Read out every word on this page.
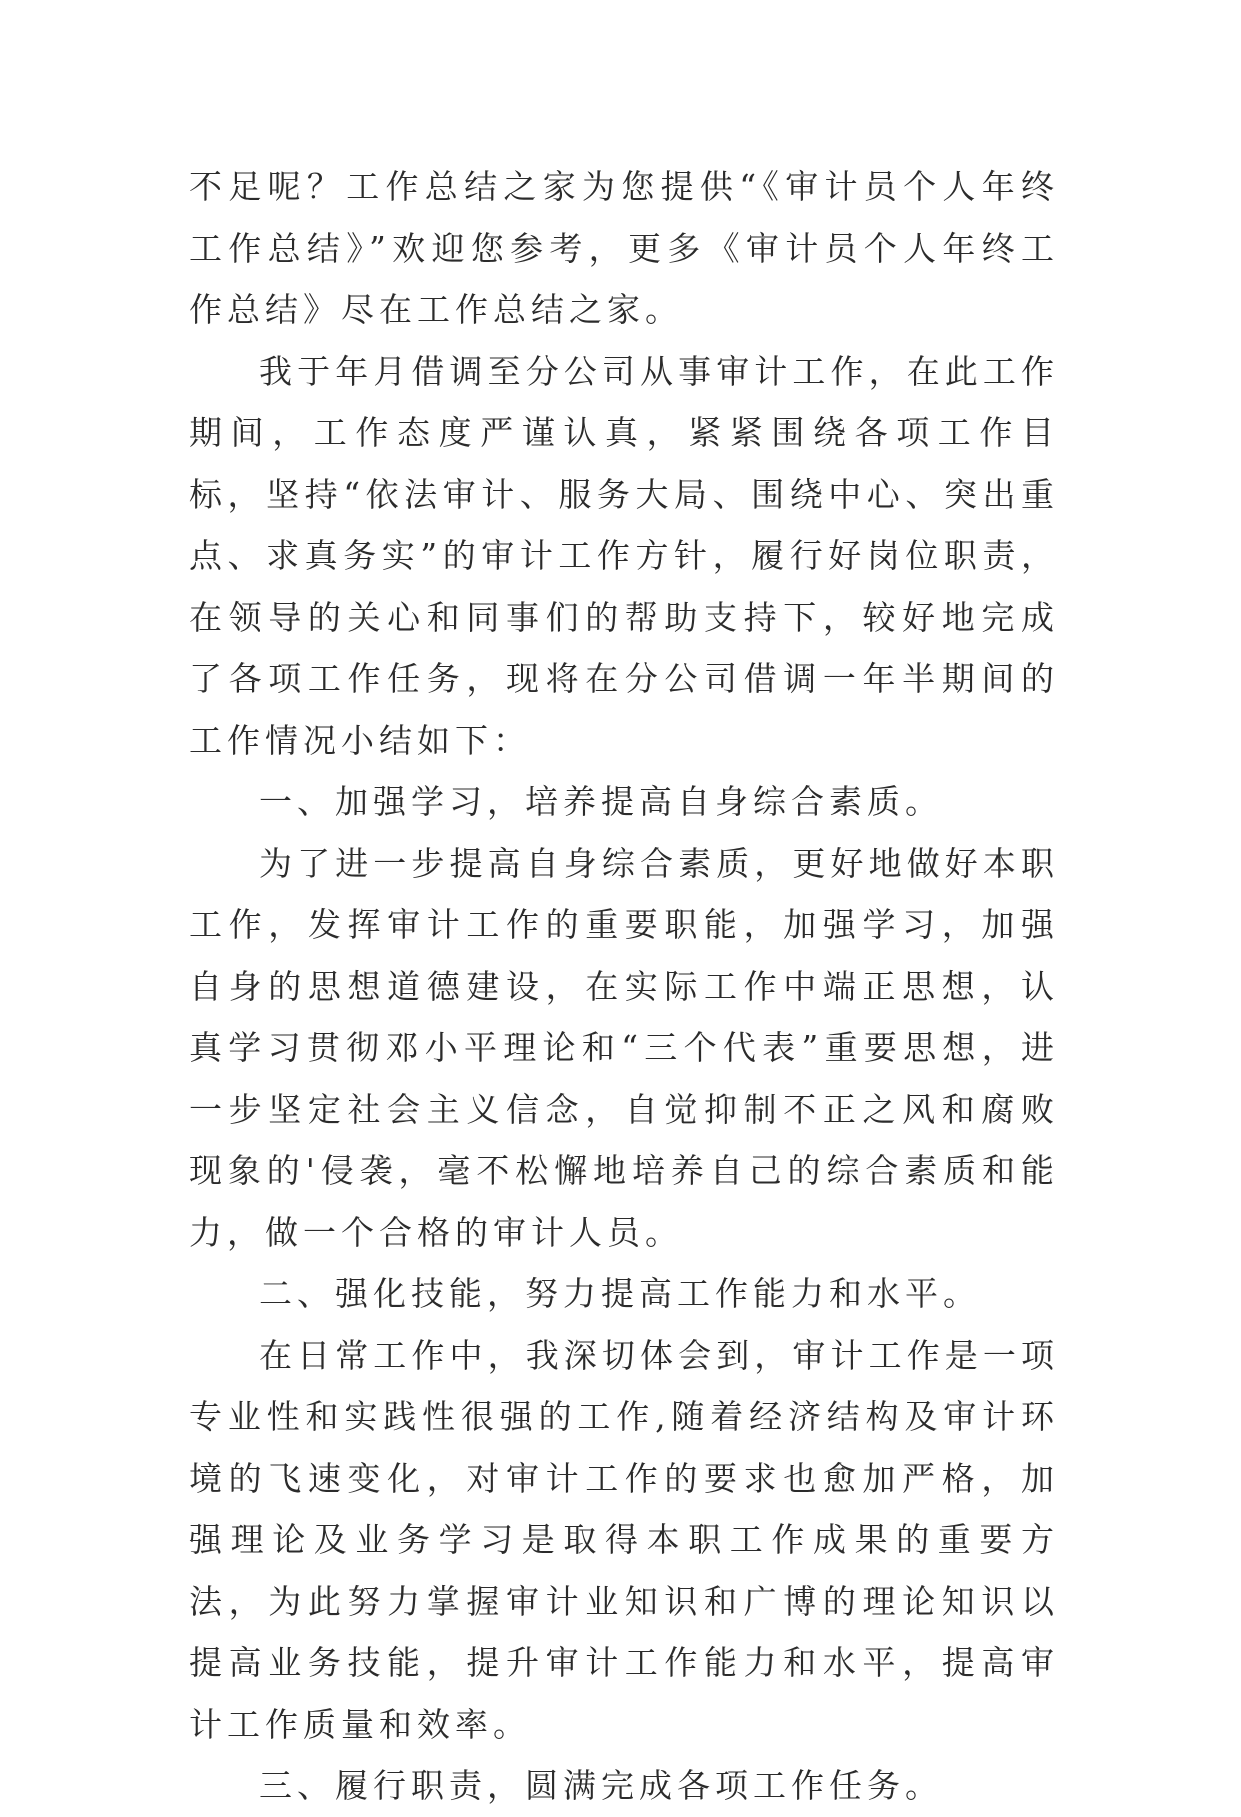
不足呢？工作总结之家为您提供“《审计员个人年终工作总结》”欢迎您参考，更多《审计员个人年终工作总结》尽在工作总结之家。

我于年月借调至分公司从事审计工作，在此工作期间，工作态度严谨认真，紧紧围绕各项工作目标，坚持“依法审计、服务大局、围绕中心、突出重点、求真务实”的审计工作方针，履行好岗位职责，在领导的关心和同事们的帮助支持下，较好地完成了各项工作任务，现将在分公司借调一年半期间的工作情况小结如下：

一、加强学习，培养提高自身综合素质。

为了进一步提高自身综合素质，更好地做好本职工作，发挥审计工作的重要职能，加强学习，加强自身的思想道德建设，在实际工作中端正思想，认真学习贯彻邓小平理论和“三个代表”重要思想，进一步坚定社会主义信念，自觉抑制不正之风和腐败现象的'侵袭，毫不松懈地培养自己的综合素质和能力，做一个合格的审计人员。

二、强化技能，努力提高工作能力和水平。

在日常工作中，我深切体会到，审计工作是一项专业性和实践性很强的工作,随着经济结构及审计环境的飞速变化，对审计工作的要求也愈加严格，加强理论及业务学习是取得本职工作成果的重要方法，为此努力掌握审计业知识和广博的理论知识以提高业务技能，提升审计工作能力和水平，提高审计工作质量和效率。

三、履行职责，圆满完成各项工作任务。
